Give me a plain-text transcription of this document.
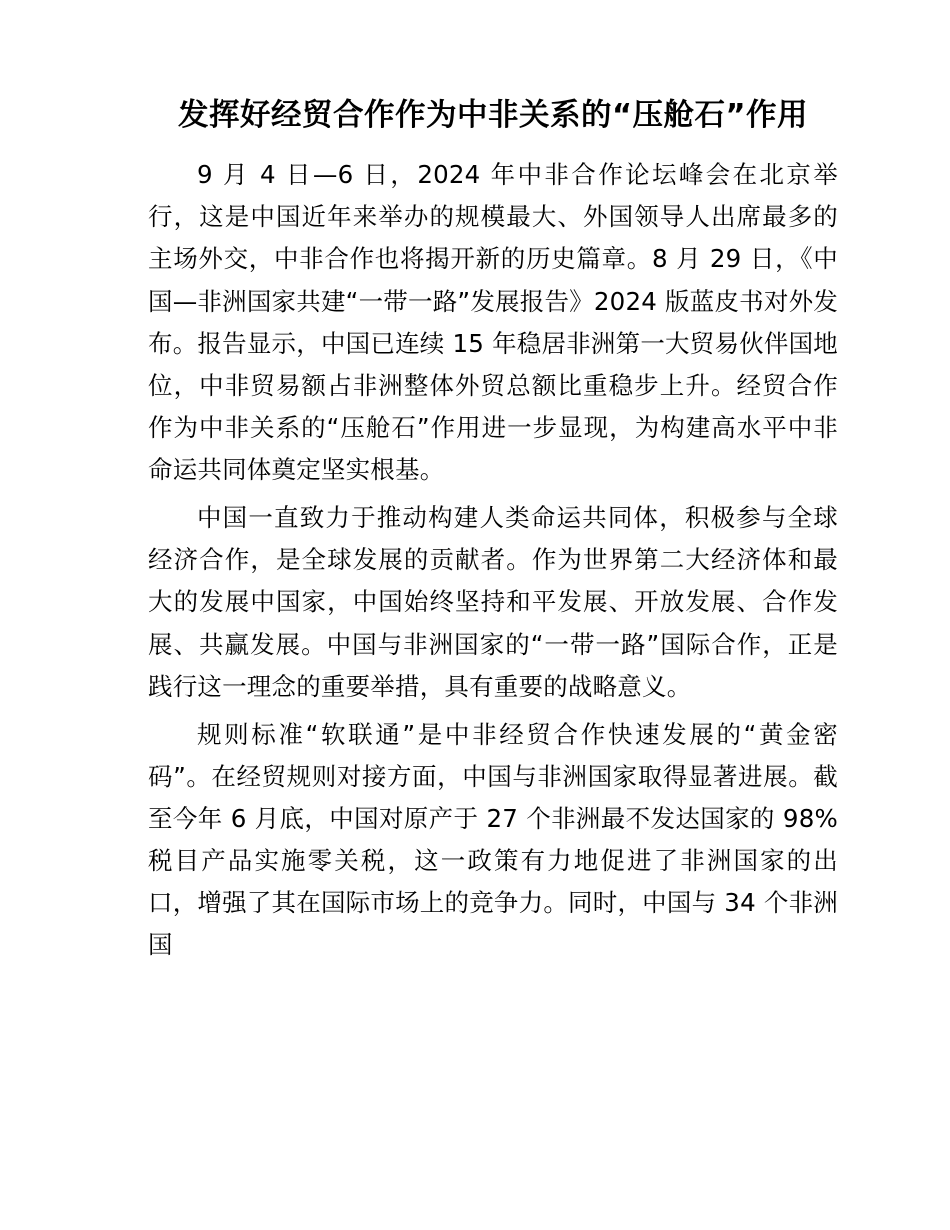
发挥好经贸合作作为中非关系的“压舱石”作用

9 月 4 日—6 日，2024 年中非合作论坛峰会在北京举行，这是中国近年来举办的规模最大、外国领导人出席最多的主场外交，中非合作也将揭开新的历史篇章。8 月 29 日，《中国—非洲国家共建“一带一路”发展报告》2024 版蓝皮书对外发布。报告显示，中国已连续 15 年稳居非洲第一大贸易伙伴国地位，中非贸易额占非洲整体外贸总额比重稳步上升。经贸合作作为中非关系的“压舱石”作用进一步显现，为构建高水平中非命运共同体奠定坚实根基。

中国一直致力于推动构建人类命运共同体，积极参与全球经济合作，是全球发展的贡献者。作为世界第二大经济体和最大的发展中国家，中国始终坚持和平发展、开放发展、合作发展、共赢发展。中国与非洲国家的“一带一路”国际合作，正是践行这一理念的重要举措，具有重要的战略意义。

规则标准“软联通”是中非经贸合作快速发展的“黄金密码”。在经贸规则对接方面，中国与非洲国家取得显著进展。截至今年 6 月底，中国对原产于 27 个非洲最不发达国家的 98%税目产品实施零关税，这一政策有力地促进了非洲国家的出口，增强了其在国际市场上的竞争力。同时，中国与 34 个非洲国
